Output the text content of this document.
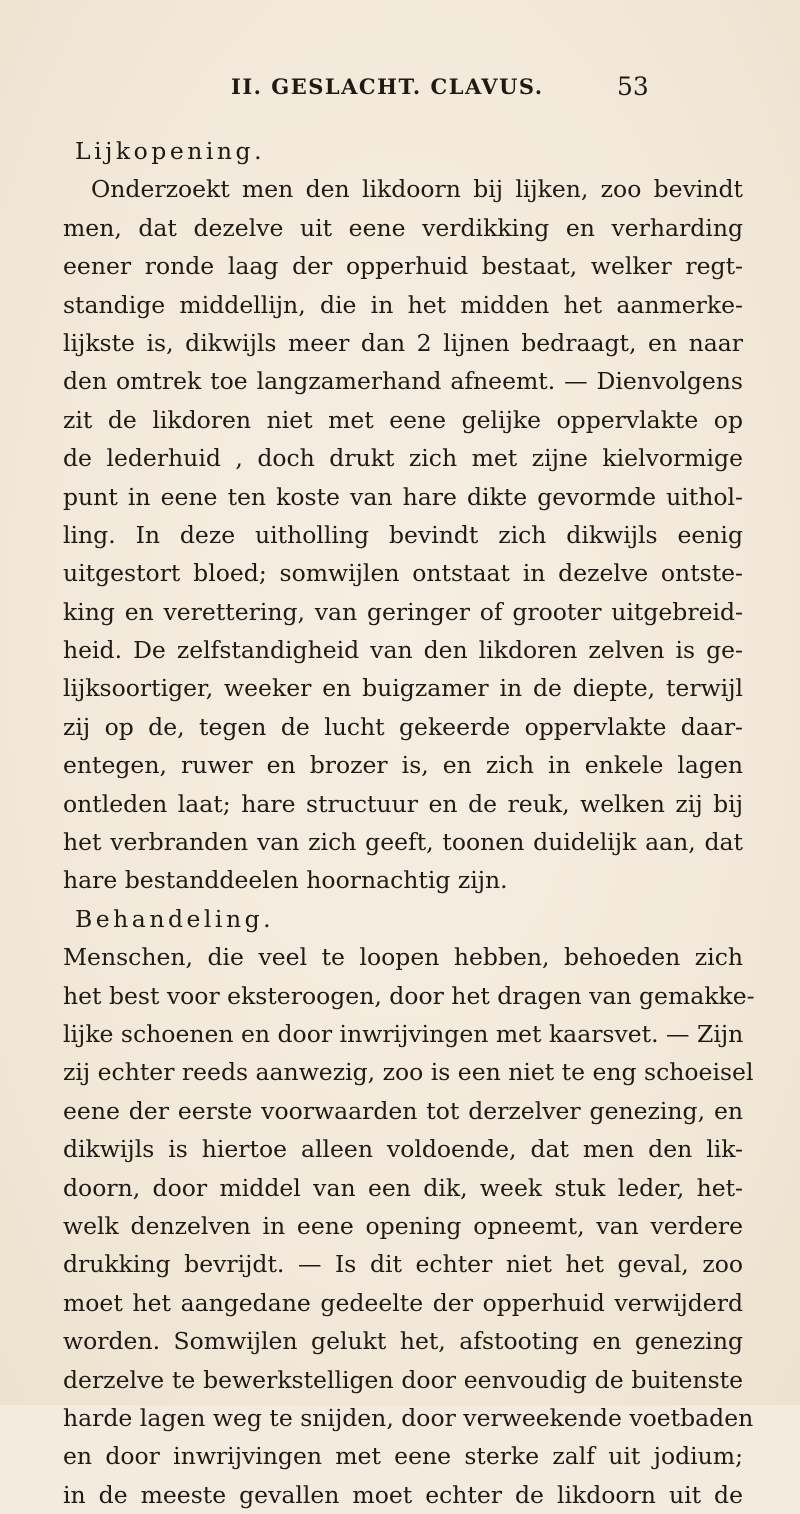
II. GESLACHT. CLAVUS.	53
Lijkopening.
Onderzoekt men den likdoorn bij lijken, zoo bevindt
men, dat dezelve uit eene verdikking en verharding
eener ronde laag der opperhuid bestaat, welker regt-
standige middellijn, die in het midden het aanmerke-
lijkste is, dikwijls meer dan 2 lijnen bedraagt, en naar
den omtrek toe langzamerhand afneemt. — Dienvolgens
zit de likdoren niet met eene gelijke oppervlakte op
de lederhuid , doch drukt zich met zijne kielvormige
punt in eene ten koste van hare dikte gevormde uithol-
ling. In deze uitholling bevindt zich dikwijls eenig
uitgestort bloed; somwijlen ontstaat in dezelve ontste-
king en verettering, van geringer of grooter uitgebreid-
heid. De zelfstandigheid van den likdoren zelven is ge-
lijksoortiger, weeker en buigzamer in de diepte, terwijl
zij op de, tegen de lucht gekeerde oppervlakte daar-
entegen, ruwer en brozer is, en zich in enkele lagen
ontleden laat; hare structuur en de reuk, welken zij bij
het verbranden van zich geeft, toonen duidelijk aan, dat
hare bestanddeelen hoornachtig zijn.
Behandeling.
Menschen, die veel te loopen hebben, behoeden zich
het best voor eksteroogen, door het dragen van gemakke-
lijke schoenen en door inwrijvingen met kaarsvet. — Zijn
zij echter reeds aanwezig, zoo is een niet te eng schoeisel
eene der eerste voorwaarden tot derzelver genezing, en
dikwijls is hiertoe alleen voldoende, dat men den lik-
doorn, door middel van een dik, week stuk leder, het-
welk denzelven in eene opening opneemt, van verdere
drukking bevrijdt. — Is dit echter niet het geval, zoo
moet het aangedane gedeelte der opperhuid verwijderd
worden. Somwijlen gelukt het, afstooting en genezing
derzelve te bewerkstelligen door eenvoudig de buitenste
harde lagen weg te snijden, door verweekende voetbaden
en door inwrijvingen met eene sterke zalf uit jodium;
in de meeste gevallen moet echter de likdoorn uit de
